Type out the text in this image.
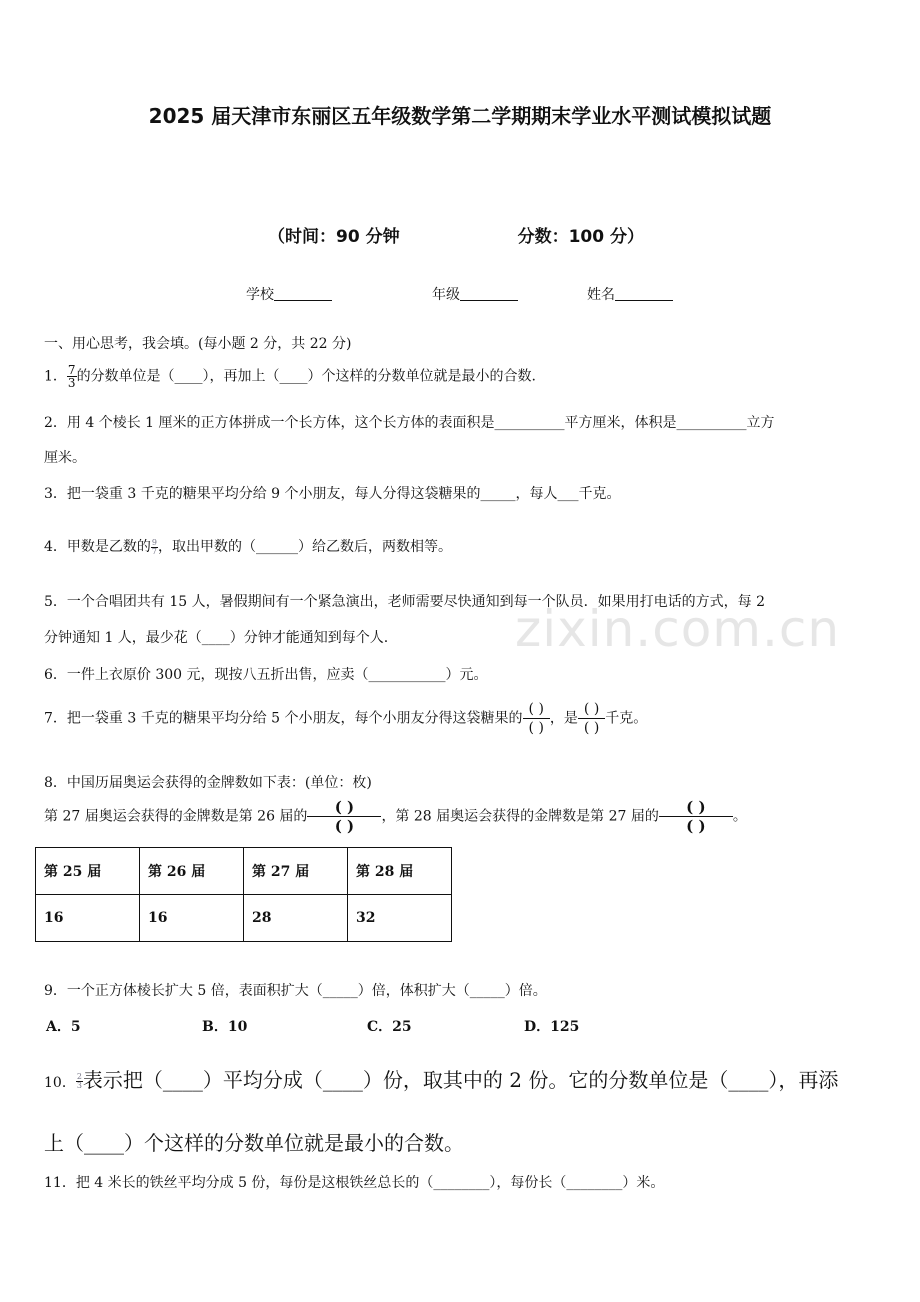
2025 届天津市东丽区五年级数学第二学期期末学业水平测试模拟试题
（时间：90 分钟	分数：100 分）
学校	年级	姓名
zixin.com.cn
一、用心思考，我会填。(每小题 2 分，共 22 分)
1． $\frac{7}{3}$ 的分数单位是（____），再加上（____）个这样的分数单位就是最小的合数.
2．用 4 个棱长 1 厘米的正方体拼成一个长方体，这个长方体的表面积是__________平方厘米，体积是__________立方
厘米。
3．把一袋重 3 千克的糖果平均分给 9 个小朋友，每人分得这袋糖果的_____，每人___千克。
4．甲数是乙数的 $\frac{9}{7}$ ，取出甲数的（______）给乙数后，两数相等。
5．一个合唱团共有 15 人，暑假期间有一个紧急演出，老师需要尽快通知到每一个队员．如果用打电话的方式，每 2
分钟通知 1 人，最少花（____）分钟才能通知到每个人.
6．一件上衣原价 300 元，现按八五折出售，应卖（___________）元。
7．把一袋重 3 千克的糖果平均分给 5 个小朋友，每个小朋友分得这袋糖果的
( )
( )
，是
( )
( )
千克。
8．中国历届奥运会获得的金牌数如下表：(单位：枚)
第 27 届奥运会获得的金牌数是第 26 届的
( )
( )
，第 28 届奥运会获得的金牌数是第 27 届的
( )
( )
。
第 25 届	第 26 届	第 27 届	第 28 届
16	16	28	32
9．一个正方体棱长扩大 5 倍，表面积扩大（_____）倍，体积扩大（_____）倍。
A．5	B．10	C．25	D．125
10． $\frac{2}{3}$ 表示把（____）平均分成（____）份，取其中的 2 份。它的分数单位是（____），再添
上（____）个这样的分数单位就是最小的合数。
11．把 4 米长的铁丝平均分成 5 份，每份是这根铁丝总长的（________），每份长（________）米。
